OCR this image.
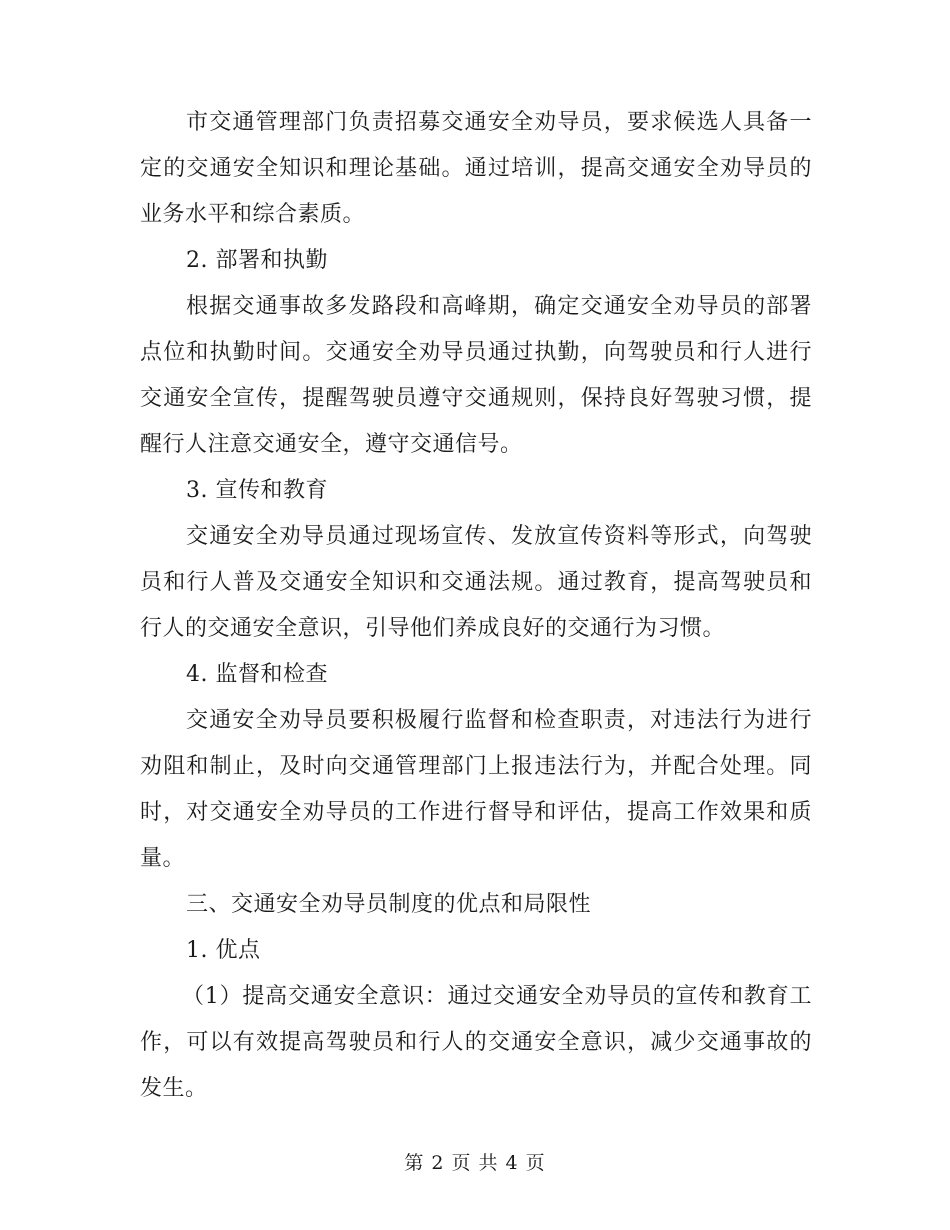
市交通管理部门负责招募交通安全劝导员，要求候选人具备一定的交通安全知识和理论基础。通过培训，提高交通安全劝导员的业务水平和综合素质。

2. 部署和执勤

根据交通事故多发路段和高峰期，确定交通安全劝导员的部署点位和执勤时间。交通安全劝导员通过执勤，向驾驶员和行人进行交通安全宣传，提醒驾驶员遵守交通规则，保持良好驾驶习惯，提醒行人注意交通安全，遵守交通信号。

3. 宣传和教育

交通安全劝导员通过现场宣传、发放宣传资料等形式，向驾驶员和行人普及交通安全知识和交通法规。通过教育，提高驾驶员和行人的交通安全意识，引导他们养成良好的交通行为习惯。

4. 监督和检查

交通安全劝导员要积极履行监督和检查职责，对违法行为进行劝阻和制止，及时向交通管理部门上报违法行为，并配合处理。同时，对交通安全劝导员的工作进行督导和评估，提高工作效果和质量。

三、交通安全劝导员制度的优点和局限性

1. 优点

（1）提高交通安全意识：通过交通安全劝导员的宣传和教育工作，可以有效提高驾驶员和行人的交通安全意识，减少交通事故的发生。

第 2 页 共 4 页
